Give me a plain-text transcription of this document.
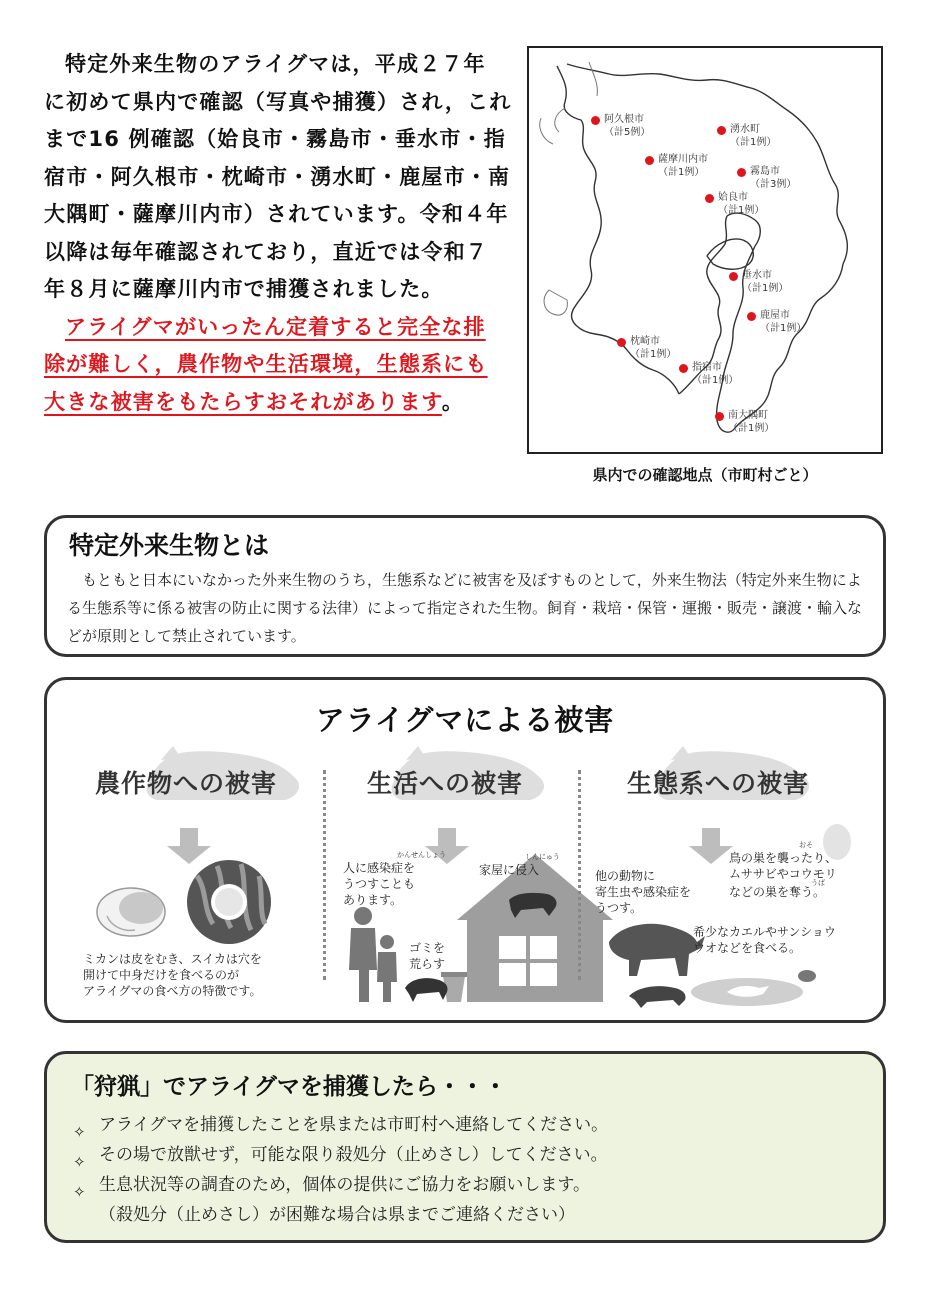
特定外来生物のアライグマは，平成２７年

に初めて県内で確認（写真や捕獲）され，これ

まで16 例確認（姶良市・霧島市・垂水市・指

宿市・阿久根市・枕崎市・湧水町・鹿屋市・南

大隅町・薩摩川内市）されています。令和４年

以降は毎年確認されており，直近では令和７

年８月に薩摩川内市で捕獲されました。

アライグマがいったん定着すると完全な排

除が難しく，農作物や生活環境，生態系にも

大きな被害をもたらすおそれがあります。

阿久根市
（計5例）	湧水町
（計1例）
薩摩川内市
（計1例）	霧島市
（計3例）
姶良市
（計1例）
垂水市
（計1例）
鹿屋市
（計1例）
枕崎市
（計1例）
指宿市
（計1例）
南大隅町
（計1例）
県内での確認地点（市町村ごと）
特定外来生物とは
もともと日本にいなかった外来生物のうち，生態系などに被害を及ぼすものとして，外来生物法（特定外来生物による生態系等に係る被害の防止に関する法律）によって指定された生物。飼育・栽培・保管・運搬・販売・譲渡・輸入などが原則として禁止されています。
アライグマによる被害
農作物への被害	生活への被害	生態系への被害
ミカンは皮をむき、スイカは穴を
開けて中身だけを食べるのが
アライグマの食べ方の特徴です。
かんせんしょう
人に感染症を
うつすことも
あります。
しんにゅう
家屋に侵入
ゴミを
荒らす
他の動物に
寄生虫や感染症を
うつす。
おそ
鳥の巣を襲ったり、
ムササビやコウモリ
うば
などの巣を奪う。
希少なカエルやサンショウ
ウオなどを食べる。
「狩猟」でアライグマを捕獲したら・・・
✧ アライグマを捕獲したことを県または市町村へ連絡してください。
✧ その場で放獣せず，可能な限り殺処分（止めさし）してください。
✧ 生息状況等の調査のため，個体の提供にご協力をお願いします。
（殺処分（止めさし）が困難な場合は県までご連絡ください）
